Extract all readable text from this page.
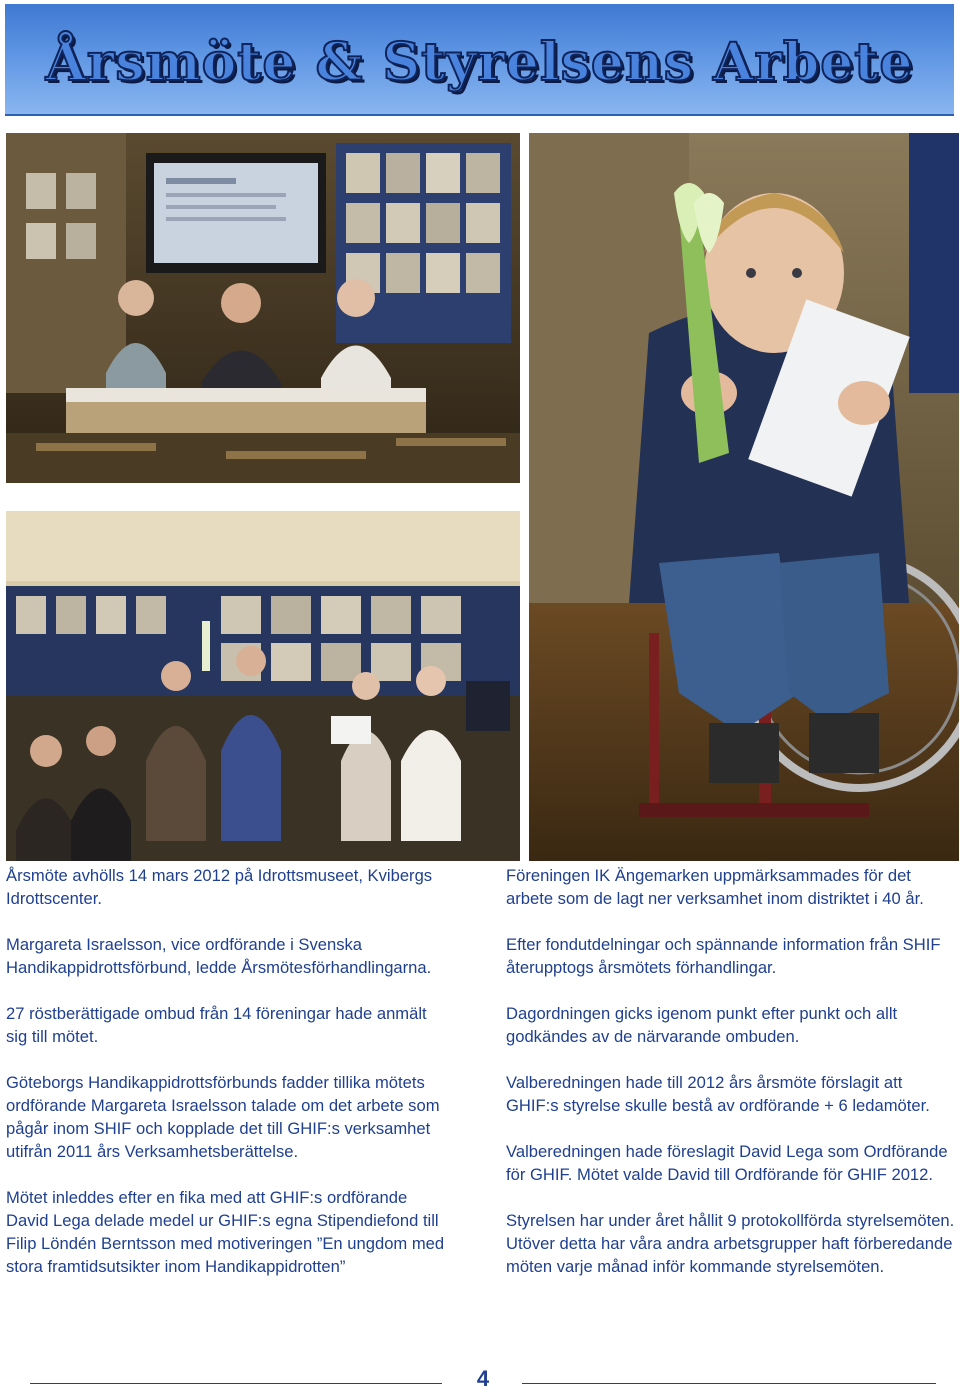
Årsmöte & Styrelsens Arbete

Årsmöte avhölls 14 mars 2012 på Idrottsmuseet, Kvibergs Idrottscenter.

Margareta Israelsson, vice ordförande i Svenska Handikappidrottsförbund, ledde Årsmötesförhandlingarna.

27 röstberättigade ombud från 14 föreningar hade anmält sig till mötet.

Göteborgs Handikappidrottsförbunds fadder tillika mötets ordförande Margareta Israelsson talade om det arbete som pågår inom SHIF och kopplade det till GHIF:s verksamhet utifrån 2011 års Verksamhetsberättelse.

Mötet inleddes efter en fika med att GHIF:s ordförande David Lega delade medel ur GHIF:s egna Stipendiefond till Filip Löndén Berntsson med motiveringen ”En ungdom med stora framtidsutsikter inom Handikappidrotten”

Föreningen IK Ängemarken uppmärksammades för det arbete som de lagt ner verksamhet inom distriktet i 40 år.

Efter fondutdelningar och spännande information från SHIF återupptogs årsmötets förhandlingar.

Dagordningen gicks igenom punkt efter punkt och allt godkändes av de närvarande ombuden.

Valberedningen hade till 2012 års årsmöte förslagit att GHIF:s styrelse skulle bestå av ordförande + 6 ledamöter.

Valberedningen hade föreslagit David Lega som Ordförande för GHIF. Mötet valde David till Ordförande för GHIF 2012.

Styrelsen har under året hållit 9 protokollförda styrelsemöten. Utöver detta har våra andra arbetsgrupper haft förberedande möten varje månad inför kommande styrelsemöten.

4
